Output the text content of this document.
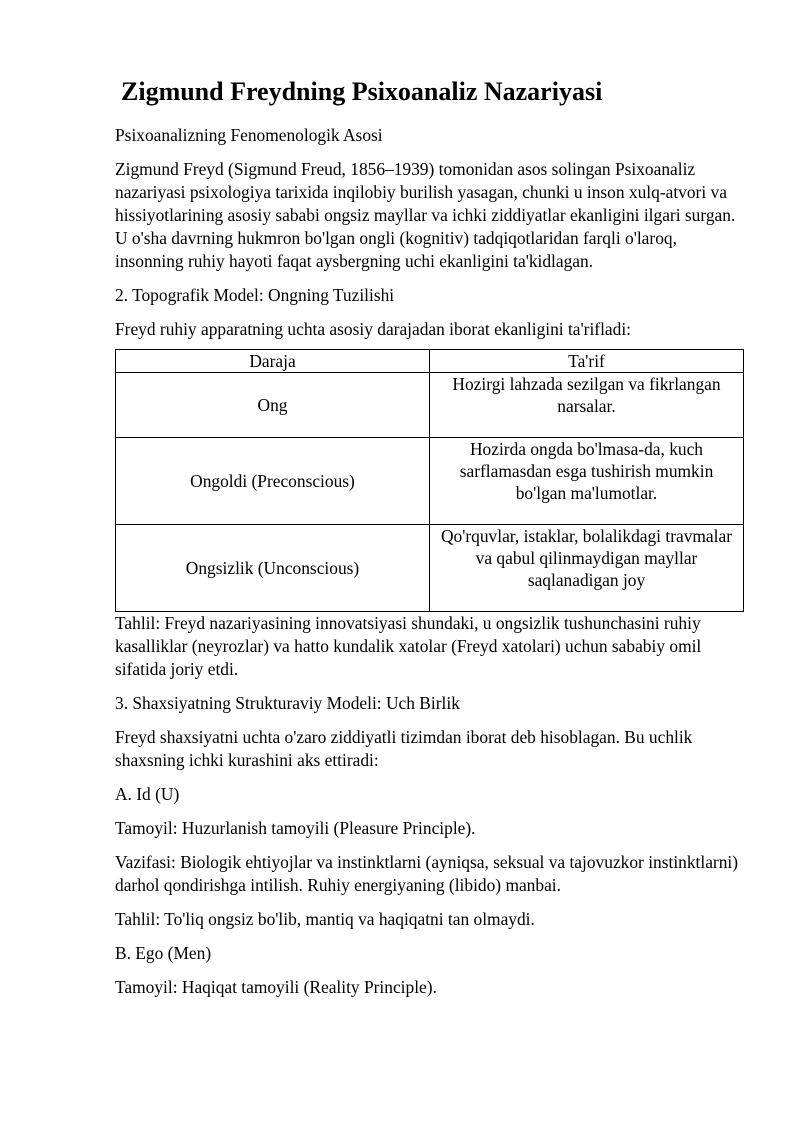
Zigmund Freydning Psixoanaliz Nazariyasi

Psixoanalizning Fenomenologik Asosi

Zigmund Freyd (Sigmund Freud, 1856–1939) tomonidan asos solingan Psixoanaliz nazariyasi psixologiya tarixida inqilobiy burilish yasagan, chunki u inson xulq-atvori va hissiyotlarining asosiy sababi ongsiz mayllar va ichki ziddiyatlar ekanligini ilgari surgan. U o'sha davrning hukmron bo'lgan ongli (kognitiv) tadqiqotlaridan farqli o'laroq, insonning ruhiy hayoti faqat aysbergning uchi ekanligini ta'kidlagan.

2. Topografik Model: Ongning Tuzilishi

Freyd ruhiy apparatning uchta asosiy darajadan iborat ekanligini ta'rifladi:

Daraja	Ta'rif
Ong	Hozirgi lahzada sezilgan va fikrlangan narsalar.
Ongoldi (Preconscious)	Hozirda ongda bo'lmasa-da, kuch sarflamasdan esga tushirish mumkin bo'lgan ma'lumotlar.
Ongsizlik (Unconscious)	Qo'rquvlar, istaklar, bolalikdagi travmalar va qabul qilinmaydigan mayllar saqlanadigan joy

Tahlil: Freyd nazariyasining innovatsiyasi shundaki, u ongsizlik tushunchasini ruhiy kasalliklar (neyrozlar) va hatto kundalik xatolar (Freyd xatolari) uchun sababiy omil sifatida joriy etdi.

3. Shaxsiyatning Strukturaviy Modeli: Uch Birlik

Freyd shaxsiyatni uchta o'zaro ziddiyatli tizimdan iborat deb hisoblagan. Bu uchlik shaxsning ichki kurashini aks ettiradi:

A. Id (U)

Tamoyil: Huzurlanish tamoyili (Pleasure Principle).

Vazifasi: Biologik ehtiyojlar va instinktlarni (ayniqsa, seksual va tajovuzkor instinktlarni) darhol qondirishga intilish. Ruhiy energiyaning (libido) manbai.

Tahlil: To'liq ongsiz bo'lib, mantiq va haqiqatni tan olmaydi.

B. Ego (Men)

Tamoyil: Haqiqat tamoyili (Reality Principle).
